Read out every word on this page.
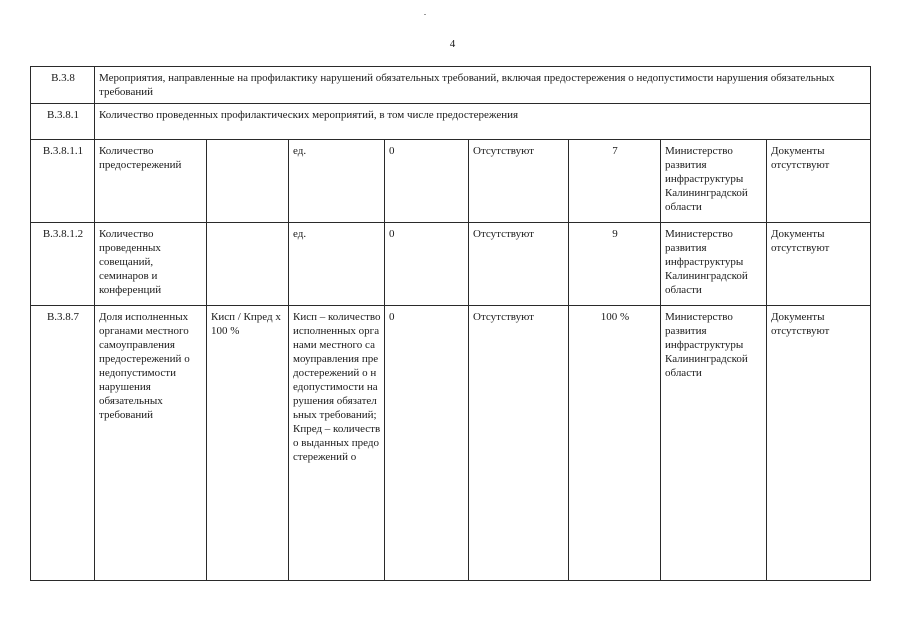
4
В.3.8	Мероприятия, направленные на профилактику нарушений обязательных требований, включая предостережения о недопустимости нарушения обязательных требований							
В.3.8.1	Количество проведенных профилактических мероприятий, в том числе предостережения							
В.3.8.1.1	Количество предостережений		ед.	0	Отсутствуют	7	Министерство развития инфраструктуры Калининградской области	Документы отсутствуют
В.3.8.1.2	Количество проведенных совещаний, семинаров и конференций		ед.	0	Отсутствуют	9	Министерство развития инфраструктуры Калининградской области	Документы отсутствуют
В.3.8.7	Доля исполненных органами местного самоуправления предостережений о недопустимости нарушения обязательных требований	Кисп / Кпред х 100 %	Кисп – количество исполненных органами местного самоуправления предостережений о недопустимости нарушения обязательных требований; Кпред – количество выданных предостережений о	0	Отсутствуют	100 %	Министерство развития инфраструктуры Калининградской области	Документы отсутствуют
